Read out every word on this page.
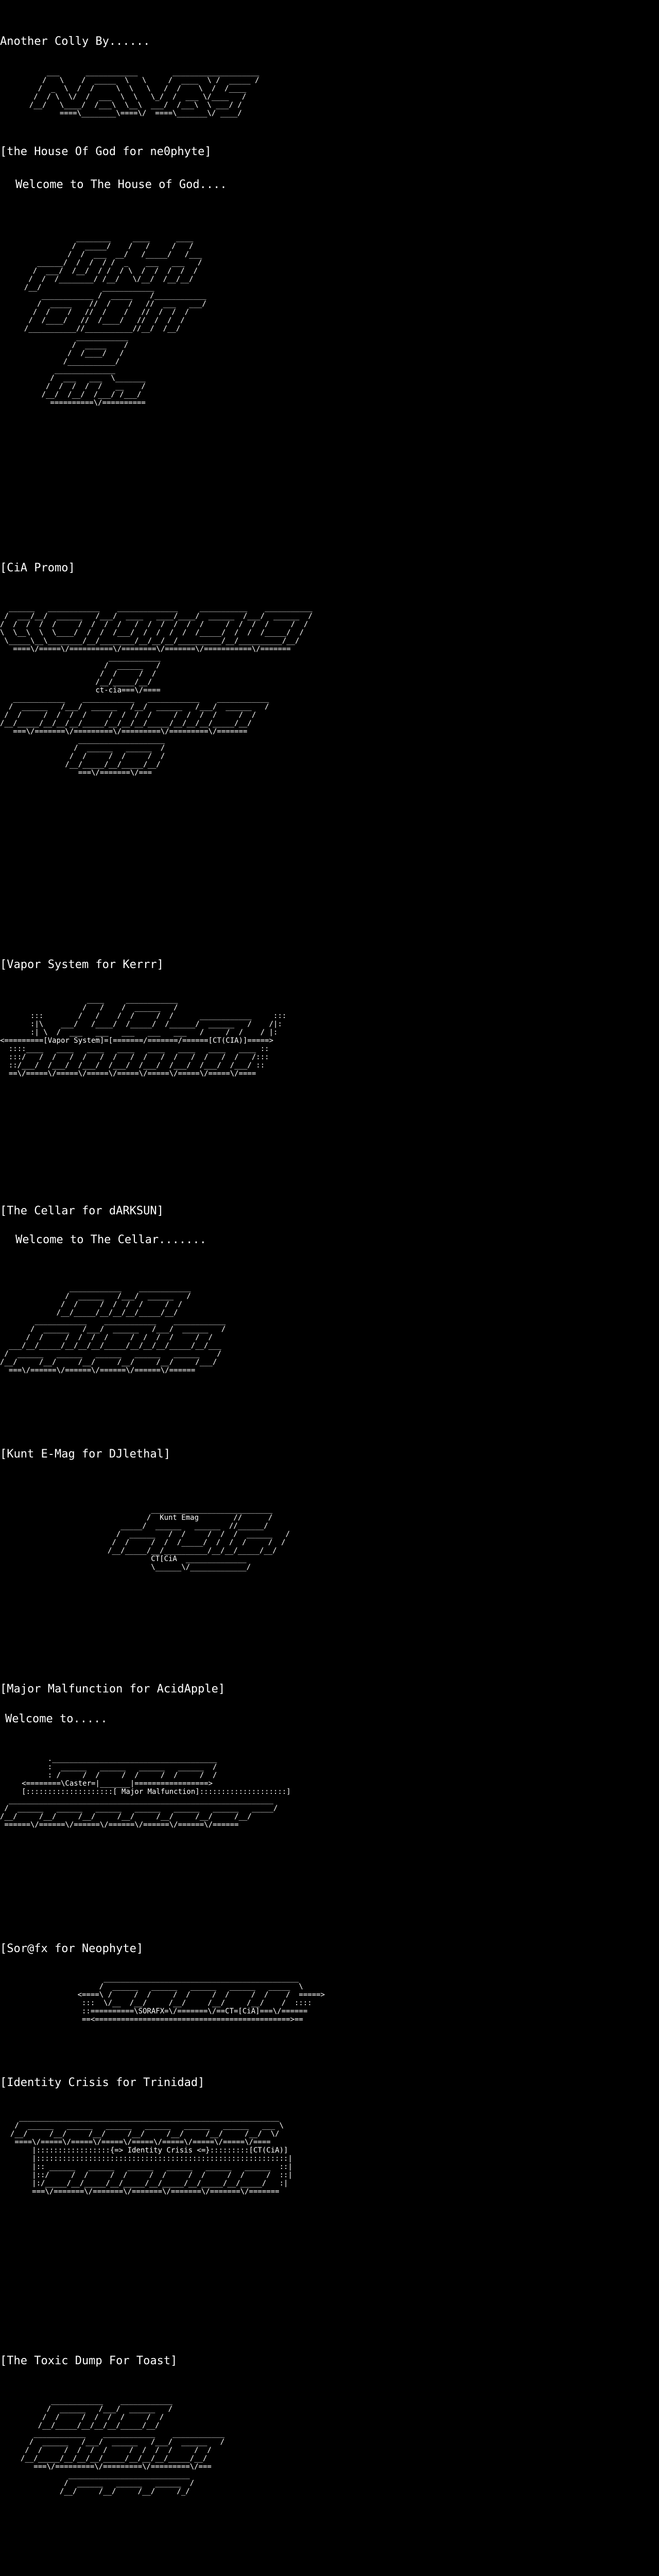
Another Colly By......

___      ____________        ____________________
/   \    /  _____  \   \     /  ____  \ /  _____ /
/  _  \  /  /     \  \   \   /  /    \  /  /____
/  / \  \/  /  ___  \  \   \_/  /  ___ \/____   /
/__/   \____/  /___\  \__\  ___/  /___\  \ ___/ /
====\________\====\/  ====\_______\/ ____/

[the House Of God for ne0phyte]

Welcome to The House of God....

________     ____      ____
/  _____/    /   /     /   /
/  /  ___  __/   /_____/   /___
______/  /  /  / /  _    ___   ___   /
/  ___/  /__/  / /  / \  /  /  /  /  /
/  /  /________/ /__/   \/__/  /__/__/
/__/              ____________
____________ /  _____    /____________
/  _____    //  /    /   //  ___   ___/
/  /    /   //  /    /   //  /  /  /
/  /____/   //  /____/   //  /  /  /
/___________//___________//__/  /__/
____________
/  _____    /
/  /____/   /
/___________/
______________
/  ___   ___  \_______
/  /  /  /  /   __    /
/__/  /__/  /___/ /___/
==========\/==========

[CiA Promo]

______   ____________    ______________     ___________    ___________
/  ___/__/  ______   /___/  ____   ____/____/  ______  /___/  ______  /
/  /  /  /  /     /  /  /  /   /  /  /  /  /  /     /  /  /  /     /  /
\  \__\  \  \____/  /  /  /___/  /  /  /  /  /_____/  /  /  /_____/  /
\_____\__\________/__/________/__/__/__/__________/__/__________/__/
====\/=====\/==========\/========\/=======\/===========\/=======
____________
/  ______   /
/  /     /  /
/__/_____/__/
ct-cia===\/====
____________    ____________   ____________    ____________
/  ______   /___/  ______   /__/  ______   /___/  ______   /
/  /     /  /  /  /     /  /  /  /     /  /  /  /     /  /
/__/_____/__/__/__/_____/__/__/__/_____/__/__/__/_____/__/
===\/=======\/=========\/=========\/=========\/=======
____________________
/  ______   ______  /
/  /     /  /     /  /
/__/_____/__/_____/__/
===\/=======\/===

[Vapor System for Kerrr]

____     ____________
/   /    /  ______   /
:::        /   /    /  /     /  /      ____________     :::
:|\    ___/   /____/  /_____/  /______/  ______   /    /|:
:| \  /  ___   ___   ___   ___   ___   /     /  /    / |:
<=========[Vapor System]=[=======/=======/======[CT(CIA)]=====>
::::____   ____   ____   ____   ____   ____   ____   ____ ::
:::/   /  /   /  /   /  /   /  /   /  /   /  /   /  /   /:::
::/___/  /___/  /___/  /___/  /___/  /___/  /___/  /___/ ::
==\/=====\/=====\/=====\/=====\/=====\/=====\/=====\/====

[The Cellar for dARKSUN]

Welcome to The Cellar.......

____________    ____________
/  ______   /___/  ______   /
/  /     /  /  /  /     /  /
/__/_____/__/__/__/_____/__/
____________    ____________    ____________
/  ______   /___/  ______   /___/  ______   /
/  /     /  /  /  /     /  /  /  /     /  /
___/__/_____/__/__/__/_____/__/__/__/_____/__/___
/  ______   ______   ______   ______   ______    /
/__/     /__/     /__/     /__/     /__/     /___/
===\/======\/======\/======\/======\/======

[Kunt E-Mag for DJlethal]

____________________________
/  Kunt Emag        //      /
_____/  ______   ______  //______/
/  ______   /  /     /  /  /  ______   /
/  /     /  /  /_____/  /  /  /     /  /
/__/_____/__/__________/__/__/_____/__/
CT[CiA  ______________
\______\/_____________/

[Major Malfunction for AcidApple]

Welcome to.....

.______________________________________
:  ______   ______   ______   ______  /
: /     /  /     /  /     /  /     /  /
<========\Caster=|_______|=================>
[::::::::::::::::::::[ Major Malfunction]::::::::::::::::::::]
_____________________________________________________________
/  ______   ______   ______   ______   ______   ______   _____/
/__/     /__/     /__/     /__/     /__/     /__/     /__/
======\/======\/======\/======\/======\/======\/======

[Sor@fx for Neophyte]

_____________________________________________
/  ______   ______   ______   ______   _____  \
<====\ /     /  /     /  /     /  /     /  /    /  =====>
:::  \/__  /__/     /__/     /__/     /__/    /  ::::
::==========\SORAFX=\/=======\/==CT=[CiA]===\/======
==<=============================================>==

[Identity Crisis for Trinidad]

____________________________________________________________
/  ______   ______   ______   ______   ______   ______   ___ \
/__/     /__/     /__/     /__/     /__/     /__/     /__/  \/
====\/=====\/=====\/=====\/=====\/=====\/=====\/=====\/====
|:::::::::::::::::{=> Identity Crisis <=}:::::::::[CT(CiA)]
|::::::::::::::::::::::::::::::::::::::::::::::::::::::::::|
|:: ______   ______   ______   ______   ______   ______  ::|
|::/     /  /     /  /     /  /     /  /     /  /     /  ::|
|:/_____/__/_____/__/_____/__/_____/__/_____/__/_____/   :|
===\/=======\/=======\/=======\/=======\/=======\/=======

[The Toxic Dump For Toast]

____________    ____________
/  ______   /___/  ______   /
/  /     /  /  /  /     /  /
/__/_____/__/__/__/_____/__/
____________    ____________    ____________
/  ______   /___/  ______   /___/  ______   /
/  /     /  /  /  /     /  /  /  /     /  /
/__/_____/__/__/__/_____/__/__/__/_____/__/
===\/=========\/=========\/=========\/===
____________________________
/  ______   ______   ______  /
/__/     /__/     /__/     /_/
